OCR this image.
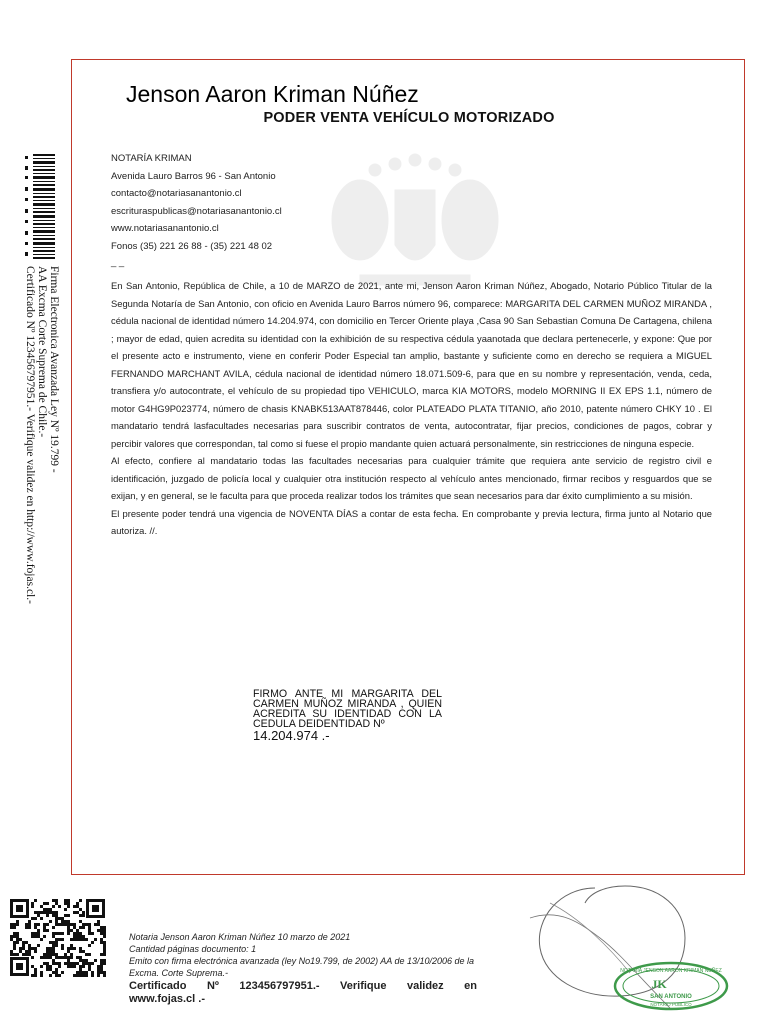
Jenson Aaron Kriman Núñez
PODER VENTA VEHÍCULO MOTORIZADO
NOTARÍA KRIMAN
Avenida Lauro Barros 96 - San Antonio
contacto@notariasanantonio.cl
escrituraspublicas@notariasanantonio.cl
www.notariasanantonio.cl
Fonos (35) 221 26 88 - (35) 221 48 02
_ _

En San Antonio, República de Chile, a 10 de MARZO de 2021, ante mi, Jenson Aaron Kriman Núñez, Abogado, Notario Público Titular de la Segunda Notaría de San Antonio, con oficio en Avenida Lauro Barros número 96, comparece: MARGARITA DEL CARMEN MUÑOZ MIRANDA , cédula nacional de identidad número 14.204.974, con domicilio en Tercer Oriente playa ,Casa 90 San Sebastian Comuna De Cartagena, chilena ; mayor de edad, quien acredita su identidad con la exhibición de su respectiva cédula yaanotada que declara pertenecerle, y expone: Que por el presente acto e instrumento, viene en conferir Poder Especial tan amplio, bastante y suficiente como en derecho se requiera a MIGUEL FERNANDO MARCHANT AVILA, cédula nacional de identidad número 18.071.509-6, para que en su nombre y representación, venda, ceda, transfiera y/o autocontrate, el vehículo de su propiedad tipo VEHICULO, marca KIA MOTORS, modelo MORNING II EX EPS 1.1, número de motor G4HG9P023774, número de chasis KNABK513AAT878446, color PLATEADO PLATA TITANIO, año 2010, patente número CHKY 10 . El mandatario tendrá lasfacultades necesarias para suscribir contratos de venta, autocontratar, fijar precios, condiciones de pagos, cobrar y percibir valores que correspondan, tal como si fuese el propio mandante quien actuará personalmente, sin restricciones de ninguna especie.

Al efecto, confiere al mandatario todas las facultades necesarias para cualquier trámite que requiera ante servicio de registro civil e identificación, juzgado de policía local y cualquier otra institución respecto al vehículo antes mencionado, firmar recibos y resguardos que se exijan, y en general, se le faculta para que proceda realizar todos los trámites que sean necesarios para dar éxito cumplimiento a su misión.

El presente poder tendrá una vigencia de NOVENTA DÍAS a contar de esta fecha. En comprobante y previa lectura, firma junto al Notario que autoriza. //.

FIRMO ANTE MI MARGARITA DEL CARMEN MUÑOZ MIRANDA , QUIEN ACREDITA SU IDENTIDAD CON LA CEDULA DEIDENTIDAD Nº
14.204.974 .-
Firma Electronica Avanzada Ley Nº 19.799 -
AA Excma Corte Suprema de Chile.-
Certificado Nº 123456797951.- Verifique validez en http://www.fojas.cl.-
Notaria Jenson Aaron Kriman Núñez 10 marzo de 2021
Cantidad páginas documento: 1
Emito con firma electrónica avanzada (ley No19.799, de 2002) AA de 13/10/2006 de la Excma. Corte Suprema.-
Certificado Nº 123456797951.- Verifique validez en
www.fojas.cl .-
NOTARIA JENSON AARON KRIMAN NUÑEZ
JK
SAN ANTONIO
NOTARIO PUBLICO
